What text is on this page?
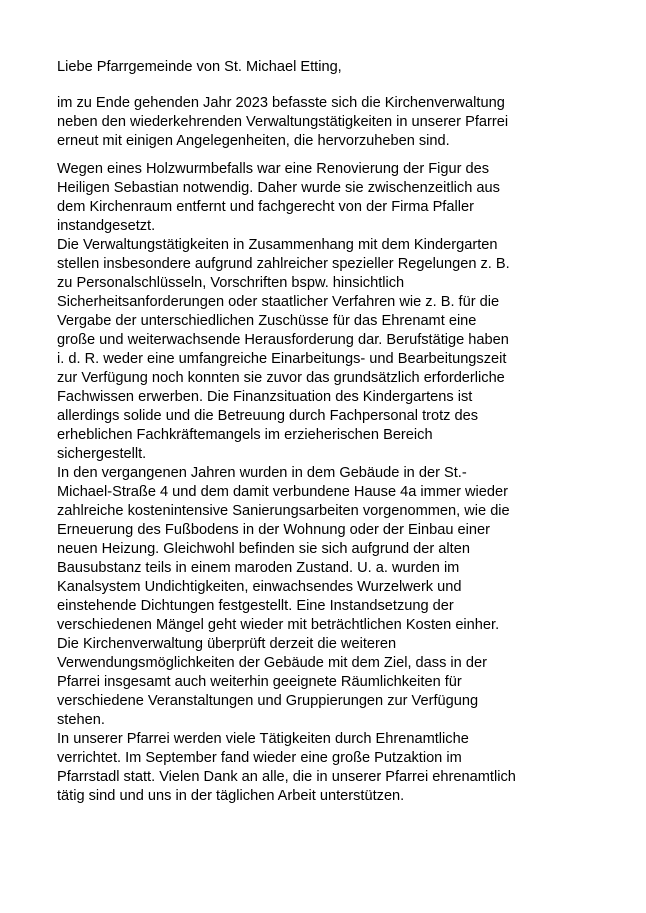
Liebe Pfarrgemeinde von St. Michael Etting,

im zu Ende gehenden Jahr 2023 befasste sich die Kirchenverwaltung
neben den wiederkehrenden Verwaltungstätigkeiten in unserer Pfarrei
erneut mit einigen Angelegenheiten, die hervorzuheben sind.

Wegen eines Holzwurmbefalls war eine Renovierung der Figur des
Heiligen Sebastian notwendig. Daher wurde sie zwischenzeitlich aus
dem Kirchenraum entfernt und fachgerecht von der Firma Pfaller
instandgesetzt.

Die Verwaltungstätigkeiten in Zusammenhang mit dem Kindergarten
stellen insbesondere aufgrund zahlreicher spezieller Regelungen z. B.
zu Personalschlüsseln, Vorschriften bspw. hinsichtlich
Sicherheitsanforderungen oder staatlicher Verfahren wie z. B. für die
Vergabe der unterschiedlichen Zuschüsse für das Ehrenamt eine
große und weiterwachsende Herausforderung dar. Berufstätige haben
i. d. R. weder eine umfangreiche Einarbeitungs- und Bearbeitungszeit
zur Verfügung noch konnten sie zuvor das grundsätzlich erforderliche
Fachwissen erwerben. Die Finanzsituation des Kindergartens ist
allerdings solide und die Betreuung durch Fachpersonal trotz des
erheblichen Fachkräftemangels im erzieherischen Bereich
sichergestellt.

In den vergangenen Jahren wurden in dem Gebäude in der St.-
Michael-Straße 4 und dem damit verbundene Hause 4a immer wieder
zahlreiche kostenintensive Sanierungsarbeiten vorgenommen, wie die
Erneuerung des Fußbodens in der Wohnung oder der Einbau einer
neuen Heizung. Gleichwohl befinden sie sich aufgrund der alten
Bausubstanz teils in einem maroden Zustand. U. a. wurden im
Kanalsystem Undichtigkeiten, einwachsendes Wurzelwerk und
einstehende Dichtungen festgestellt. Eine Instandsetzung der
verschiedenen Mängel geht wieder mit beträchtlichen Kosten einher.
Die Kirchenverwaltung überprüft derzeit die weiteren
Verwendungsmöglichkeiten der Gebäude mit dem Ziel, dass in der
Pfarrei insgesamt auch weiterhin geeignete Räumlichkeiten für
verschiedene Veranstaltungen und Gruppierungen zur Verfügung
stehen.

In unserer Pfarrei werden viele Tätigkeiten durch Ehrenamtliche
verrichtet. Im September fand wieder eine große Putzaktion im
Pfarrstadl statt. Vielen Dank an alle, die in unserer Pfarrei ehrenamtlich
tätig sind und uns in der täglichen Arbeit unterstützen.
